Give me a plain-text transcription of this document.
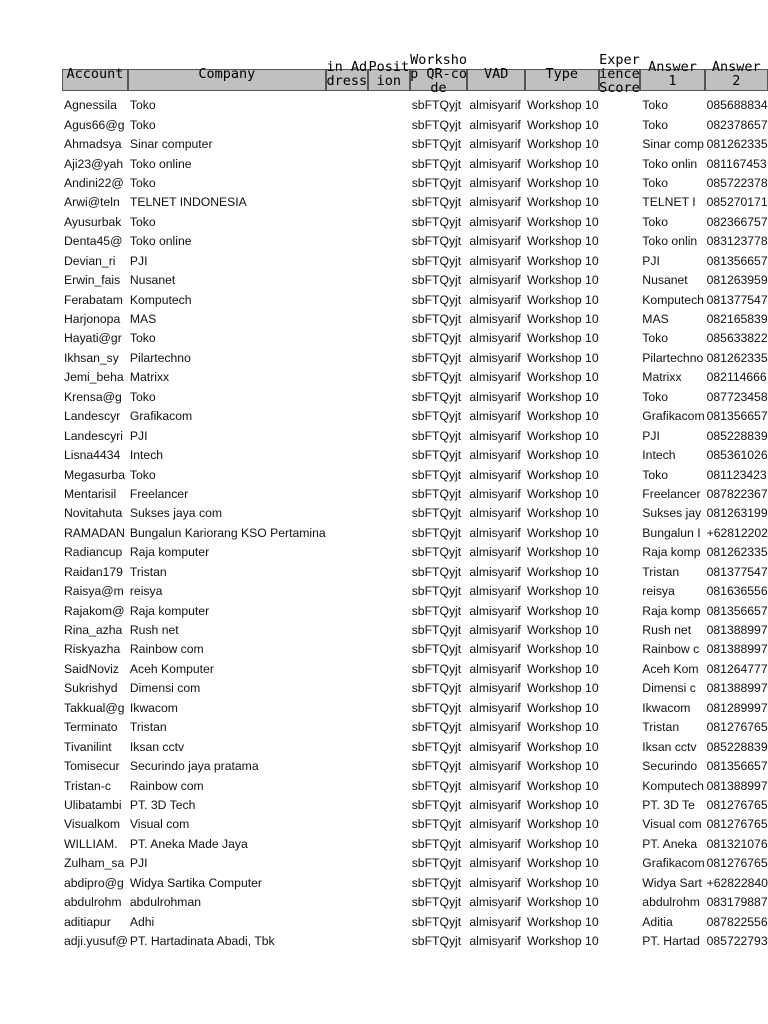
Account	Company	in Address	Position	Workshop QR-code	VAD	Type	Experience Score	Answer 1	Answer 2

Agnessila	Toko			sbFTQyjt	almisyarif	Workshop 10		Toko	085688834
Agus66@g	Toko			sbFTQyjt	almisyarif	Workshop 10		Toko	082378657
Ahmadsya	Sinar computer			sbFTQyjt	almisyarif	Workshop 10		Sinar comp	081262335
Aji23@yah	Toko online			sbFTQyjt	almisyarif	Workshop 10		Toko onlin	081167453
Andini22@	Toko			sbFTQyjt	almisyarif	Workshop 10		Toko	085722378
Arwi@teln	TELNET INDONESIA			sbFTQyjt	almisyarif	Workshop 10		TELNET I	085270171
Ayusurbak	Toko			sbFTQyjt	almisyarif	Workshop 10		Toko	082366757
Denta45@	Toko online			sbFTQyjt	almisyarif	Workshop 10		Toko onlin	083123778
Devian_ri	PJI			sbFTQyjt	almisyarif	Workshop 10		PJI	081356657
Erwin_fais	Nusanet			sbFTQyjt	almisyarif	Workshop 10		Nusanet	081263959
Ferabatam	Komputech			sbFTQyjt	almisyarif	Workshop 10		Komputech	081377547
Harjonopa	MAS			sbFTQyjt	almisyarif	Workshop 10		MAS	082165839
Hayati@gr	Toko			sbFTQyjt	almisyarif	Workshop 10		Toko	085633822
Ikhsan_sy	Pilartechno			sbFTQyjt	almisyarif	Workshop 10		Pilartechno	081262335
Jemi_beha	Matrixx			sbFTQyjt	almisyarif	Workshop 10		Matrixx	082114666
Krensa@g	Toko			sbFTQyjt	almisyarif	Workshop 10		Toko	087723458
Landescyr	Grafikacom			sbFTQyjt	almisyarif	Workshop 10		Grafikacom	081356657
Landescyri	PJI			sbFTQyjt	almisyarif	Workshop 10		PJI	085228839
Lisna4434	Intech			sbFTQyjt	almisyarif	Workshop 10		Intech	085361026
Megasurba	Toko			sbFTQyjt	almisyarif	Workshop 10		Toko	081123423
Mentarisil	Freelancer			sbFTQyjt	almisyarif	Workshop 10		Freelancer	087822367
Novitahuta	Sukses jaya com			sbFTQyjt	almisyarif	Workshop 10		Sukses jay	081263199
RAMADAN	Bungalun Kariorang KSO Pertamina			sbFTQyjt	almisyarif	Workshop 10		Bungalun I	+62812202
Radiancup	Raja komputer			sbFTQyjt	almisyarif	Workshop 10		Raja komp	081262335
Raidan179	Tristan			sbFTQyjt	almisyarif	Workshop 10		Tristan	081377547
Raisya@m	reisya			sbFTQyjt	almisyarif	Workshop 10		reisya	081636556
Rajakom@	Raja komputer			sbFTQyjt	almisyarif	Workshop 10		Raja komp	081356657
Rina_azha	Rush net			sbFTQyjt	almisyarif	Workshop 10		Rush net	081388997
Riskyazha	Rainbow com			sbFTQyjt	almisyarif	Workshop 10		Rainbow c	081388997
SaidNoviz	Aceh Komputer			sbFTQyjt	almisyarif	Workshop 10		Aceh Kom	081264777
Sukrishyd	Dimensi com			sbFTQyjt	almisyarif	Workshop 10		Dimensi c	081388997
Takkual@g	Ikwacom			sbFTQyjt	almisyarif	Workshop 10		Ikwacom	081289997
Terminato	Tristan			sbFTQyjt	almisyarif	Workshop 10		Tristan	081276765
Tivanilint	Iksan cctv			sbFTQyjt	almisyarif	Workshop 10		Iksan cctv	085228839
Tomisecur	Securindo jaya pratama			sbFTQyjt	almisyarif	Workshop 10		Securindo	081356657
Tristan-c	Rainbow com			sbFTQyjt	almisyarif	Workshop 10		Komputech	081388997
Ulibatambi	PT. 3D Tech			sbFTQyjt	almisyarif	Workshop 10		PT. 3D Te	081276765
Visualkom	Visual com			sbFTQyjt	almisyarif	Workshop 10		Visual com	081276765
WILLIAM.	PT. Aneka Made Jaya			sbFTQyjt	almisyarif	Workshop 10		PT. Aneka	081321076
Zulham_sa	PJI			sbFTQyjt	almisyarif	Workshop 10		Grafikacom	081276765
abdipro@g	Widya Sartika Computer			sbFTQyjt	almisyarif	Workshop 10		Widya Sart	+62822840
abdulrohm	abdulrohman			sbFTQyjt	almisyarif	Workshop 10		abdulrohm	083179887
aditiapur	Adhi			sbFTQyjt	almisyarif	Workshop 10		Aditia	087822556
adji.yusuf@	PT. Hartadinata Abadi, Tbk			sbFTQyjt	almisyarif	Workshop 10		PT. Hartad	085722793
